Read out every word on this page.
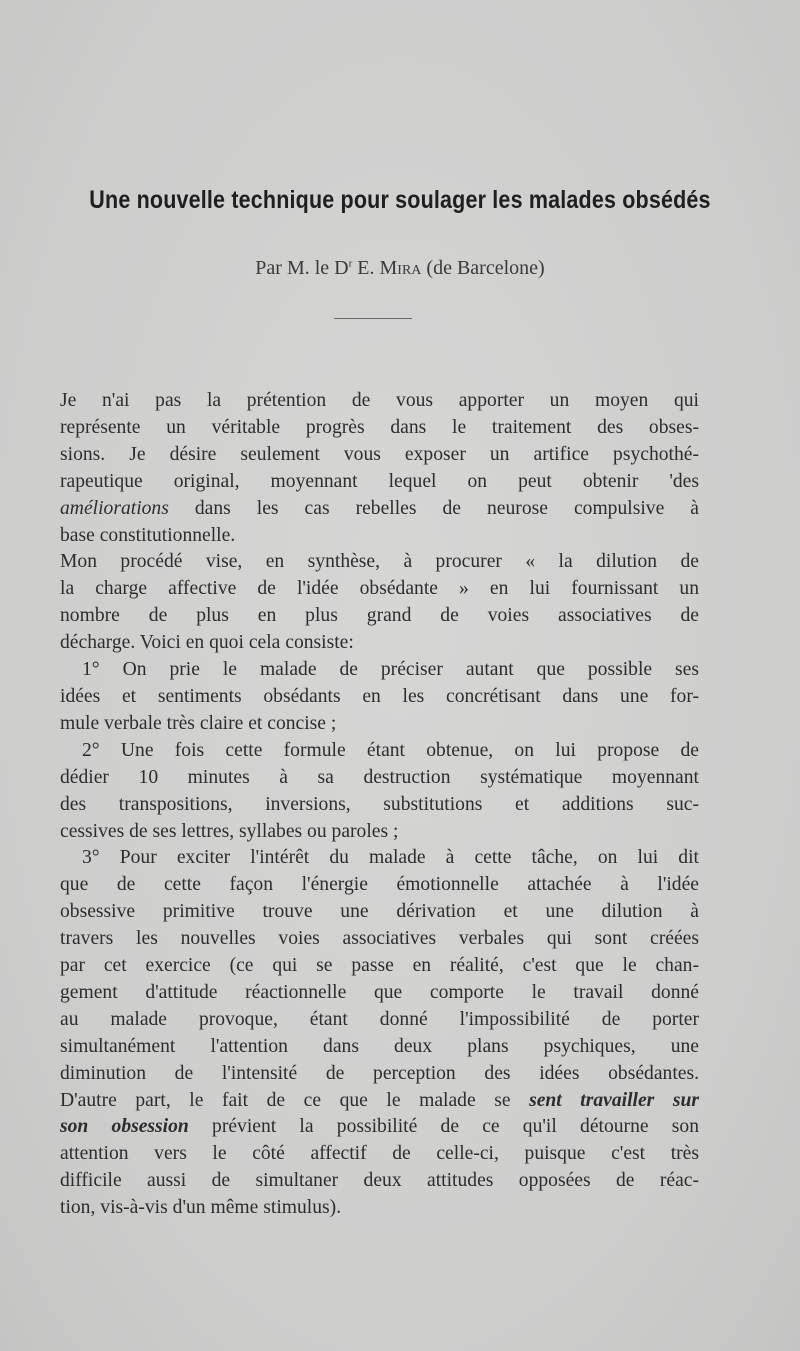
Une nouvelle technique pour soulager les malades obsédés
Par M. le $D^r$ E. Mira (de Barcelone)
Je n'ai pas la prétention de vous apporter un moyen qui
représente un véritable progrès dans le traitement des obses-
sions. Je désire seulement vous exposer un artifice psychothé-
rapeutique original, moyennant lequel on peut obtenir 'des
améliorations dans les cas rebelles de neurose compulsive à
base constitutionnelle.
Mon procédé vise, en synthèse, à procurer « la dilution de
la charge affective de l'idée obsédante » en lui fournissant un
nombre de plus en plus grand de voies associatives de
décharge. Voici en quoi cela consiste:
1° On prie le malade de préciser autant que possible ses
idées et sentiments obsédants en les concrétisant dans une for-
mule verbale très claire et concise ;
2° Une fois cette formule étant obtenue, on lui propose de
dédier 10 minutes à sa destruction systématique moyennant
des transpositions, inversions, substitutions et additions suc-
cessives de ses lettres, syllabes ou paroles ;
3° Pour exciter l'intérêt du malade à cette tâche, on lui dit
que de cette façon l'énergie émotionnelle attachée à l'idée
obsessive primitive trouve une dérivation et une dilution à
travers les nouvelles voies associatives verbales qui sont créées
par cet exercice (ce qui se passe en réalité, c'est que le chan-
gement d'attitude réactionnelle que comporte le travail donné
au malade provoque, étant donné l'impossibilité de porter
simultanément l'attention dans deux plans psychiques, une
diminution de l'intensité de perception des idées obsédantes.
D'autre part, le fait de ce que le malade se sent travailler sur
son obsession prévient la possibilité de ce qu'il détourne son
attention vers le côté affectif de celle-ci, puisque c'est très
difficile aussi de simultaner deux attitudes opposées de réac-
tion, vis-à-vis d'un même stimulus).
